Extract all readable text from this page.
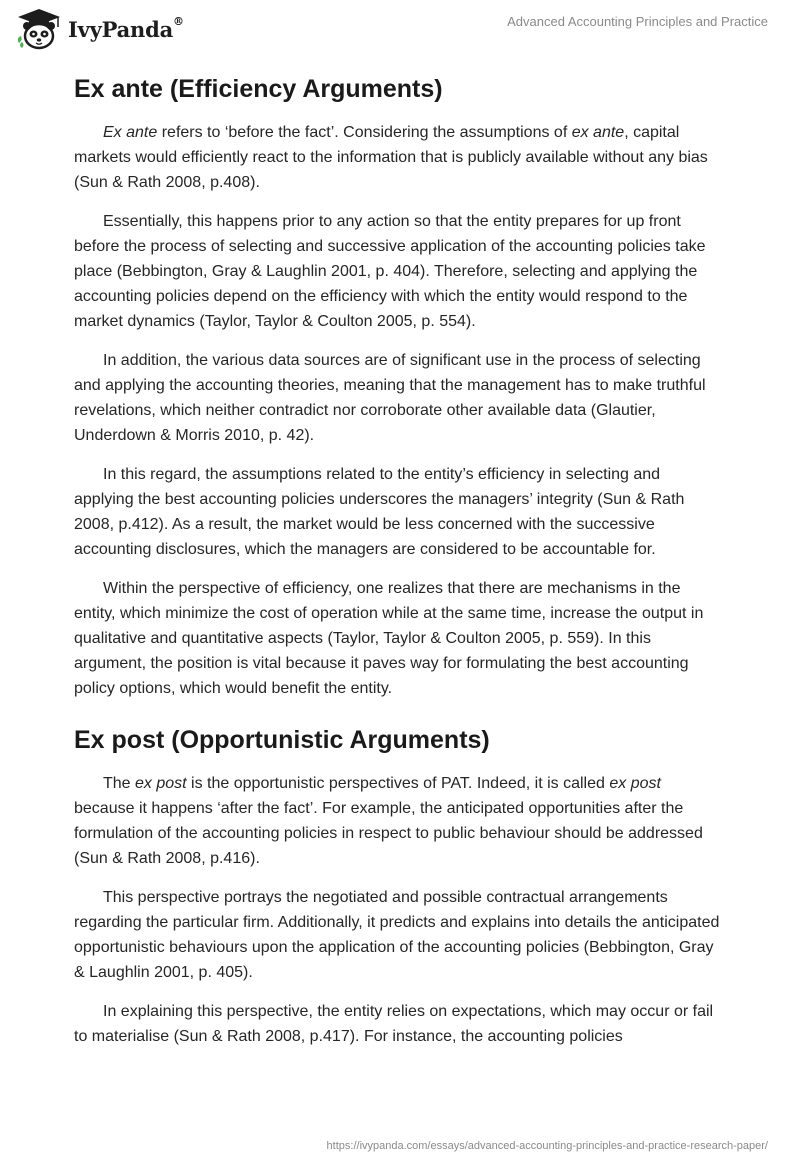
IvyPanda®	Advanced Accounting Principles and Practice
Ex ante (Efficiency Arguments)

Ex ante refers to ‘before the fact’. Considering the assumptions of ex ante, capital markets would efficiently react to the information that is publicly available without any bias (Sun & Rath 2008, p.408).

Essentially, this happens prior to any action so that the entity prepares for up front before the process of selecting and successive application of the accounting policies take place (Bebbington, Gray & Laughlin 2001, p. 404). Therefore, selecting and applying the accounting policies depend on the efficiency with which the entity would respond to the market dynamics (Taylor, Taylor & Coulton 2005, p. 554).

In addition, the various data sources are of significant use in the process of selecting and applying the accounting theories, meaning that the management has to make truthful revelations, which neither contradict nor corroborate other available data (Glautier, Underdown & Morris 2010, p. 42).

In this regard, the assumptions related to the entity’s efficiency in selecting and applying the best accounting policies underscores the managers’ integrity (Sun & Rath 2008, p.412). As a result, the market would be less concerned with the successive accounting disclosures, which the managers are considered to be accountable for.

Within the perspective of efficiency, one realizes that there are mechanisms in the entity, which minimize the cost of operation while at the same time, increase the output in qualitative and quantitative aspects (Taylor, Taylor & Coulton 2005, p. 559). In this argument, the position is vital because it paves way for formulating the best accounting policy options, which would benefit the entity.

Ex post (Opportunistic Arguments)

The ex post is the opportunistic perspectives of PAT. Indeed, it is called ex post because it happens ‘after the fact’. For example, the anticipated opportunities after the formulation of the accounting policies in respect to public behaviour should be addressed (Sun & Rath 2008, p.416).

This perspective portrays the negotiated and possible contractual arrangements regarding the particular firm. Additionally, it predicts and explains into details the anticipated opportunistic behaviours upon the application of the accounting policies (Bebbington, Gray & Laughlin 2001, p. 405).

In explaining this perspective, the entity relies on expectations, which may occur or fail to materialise (Sun & Rath 2008, p.417). For instance, the accounting policies

https://ivypanda.com/essays/advanced-accounting-principles-and-practice-research-paper/
